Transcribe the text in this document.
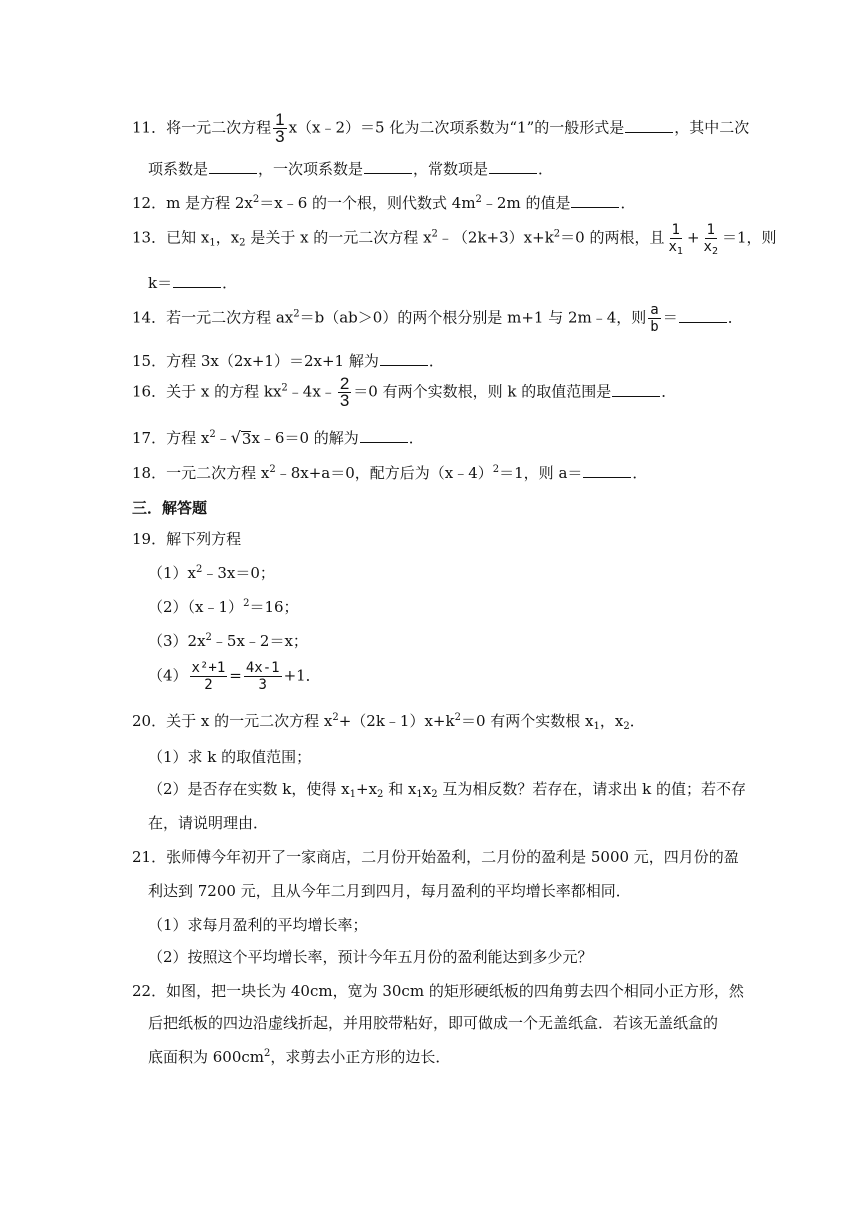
11．将一元二次方程 $\frac{1}{3}$ x（x﹣2）＝5 化为二次项系数为“1”的一般形式是	，其中二次
项系数是	，一次项系数是	，常数项是	．
12．m 是方程 $2x^2=x﹣6$ 的一个根，则代数式 $4m^2﹣2m$ 的值是	．
13．已知 $x_1$，$x_2$ 是关于 x 的一元二次方程 $x^2﹣(2k+3)x+k^2=0$ 的两根，且 $\frac{1}{x_1} + \frac{1}{x_2} =1$，则
k＝	．
14．若一元二次方程 $ax^2=b(ab>0)$的两个根分别是 m+1 与 2m﹣4，则 $\frac{a}{b}$ ＝	．
15．方程 3x（2x+1）＝2x+1 解为	．
16．关于 x 的方程 $kx^2﹣4x﹣ \frac{2}{3} =0$ 有两个实数根，则 k 的取值范围是	．
17．方程 $x^2﹣$ √ 3 x﹣6＝0 的解为	．
18．一元二次方程 $x^2﹣8x+a=0$，配方后为（x﹣4）$^2$＝1，则 a＝	．
三．解答题
19．解下列方程
$(1)x^2﹣3x=0$；
（2）（x﹣1）$^2$＝16；
$(3)2x^2﹣5x﹣2=x$；
$(4) \frac{\text{x²+1}}{2} = \frac{4x-1}{3} +1$．
20．关于 x 的一元二次方程 $x^2+(2k﹣1)x+k^2=0$ 有两个实数根 $x_1$，$x_2$．
（1）求 k 的取值范围；
（2）是否存在实数 k，使得 $x_1+x_2$ 和 $x_1x_2$ 互为相反数？若存在，请求出 k 的值；若不存
在，请说明理由．
21．张师傅今年初开了一家商店，二月份开始盈利，二月份的盈利是 5000 元，四月份的盈
利达到 7200 元，且从今年二月到四月，每月盈利的平均增长率都相同．
（1）求每月盈利的平均增长率；
（2）按照这个平均增长率，预计今年五月份的盈利能达到多少元？
22．如图，把一块长为 40cm，宽为 30cm 的矩形硬纸板的四角剪去四个相同小正方形，然
后把纸板的四边沿虚线折起，并用胶带粘好，即可做成一个无盖纸盒．若该无盖纸盒的
底面积为 $600cm^2$，求剪去小正方形的边长．
